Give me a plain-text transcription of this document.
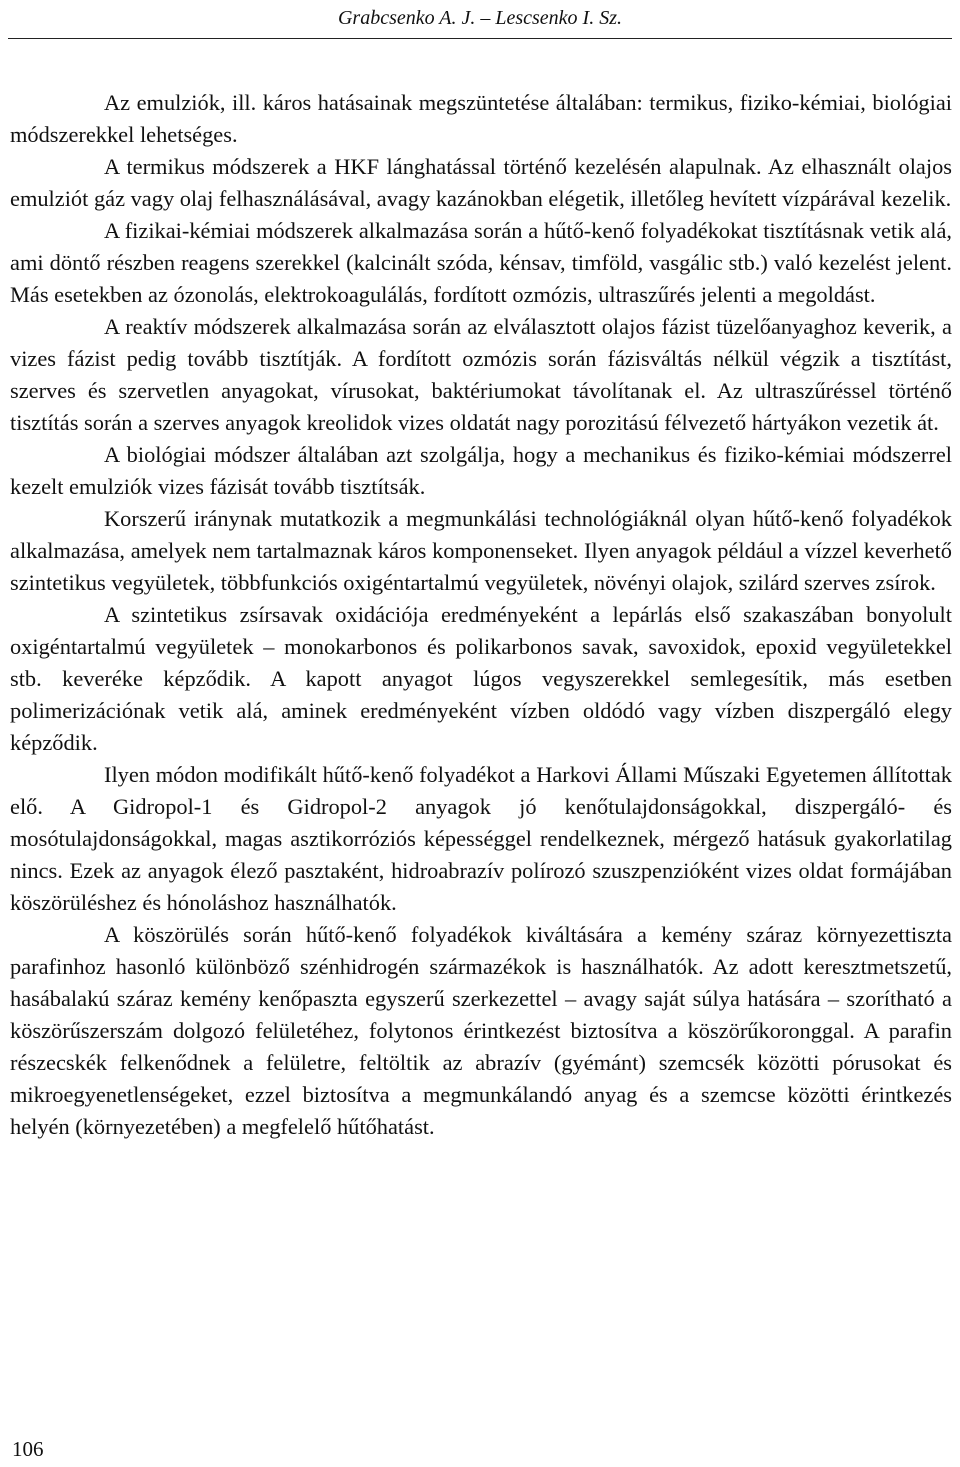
Grabcsenko A. J. – Lescsenko I. Sz.

Az emulziók, ill. káros hatásainak megszüntetése általában: termikus, fiziko-kémiai, biológiai módszerekkel lehetséges.

A termikus módszerek a HKF lánghatással történő kezelésén alapulnak. Az elhasznált olajos emulziót gáz vagy olaj felhasználásával, avagy kazánokban elégetik, illetőleg hevített vízpárával kezelik.

A fizikai-kémiai módszerek alkalmazása során a hűtő-kenő folyadékokat tisztításnak vetik alá, ami döntő részben reagens szerekkel (kalcinált szóda, kénsav, timföld, vasgálic stb.) való kezelést jelent. Más esetekben az ózonolás, elektrokoagulálás, fordított ozmózis, ultraszűrés jelenti a megoldást.

A reaktív módszerek alkalmazása során az elválasztott olajos fázist tüzelőanyaghoz keverik, a vizes fázist pedig tovább tisztítják. A fordított ozmózis során fázisváltás nélkül végzik a tisztítást, szerves és szervetlen anyagokat, vírusokat, baktériumokat távolítanak el. Az ultraszűréssel történő tisztítás során a szerves anyagok kreolidok vizes oldatát nagy porozitású félvezető hártyákon vezetik át.

A biológiai módszer általában azt szolgálja, hogy a mechanikus és fiziko-kémiai módszerrel kezelt emulziók vizes fázisát tovább tisztítsák.

Korszerű iránynak mutatkozik a megmunkálási technológiáknál olyan hűtő-kenő folyadékok alkalmazása, amelyek nem tartalmaznak káros komponenseket. Ilyen anyagok például a vízzel keverhető szintetikus vegyületek, többfunkciós oxigéntartalmú vegyületek, növényi olajok, szilárd szerves zsírok.

A szintetikus zsírsavak oxidációja eredményeként a lepárlás első szakaszában bonyolult oxigéntartalmú vegyületek – monokarbonos és polikarbonos savak, savoxidok, epoxid vegyületekkel stb. keveréke képződik. A kapott anyagot lúgos vegyszerekkel semlegesítik, más esetben polimerizációnak vetik alá, aminek eredményeként vízben oldódó vagy vízben diszpergáló elegy képződik.

Ilyen módon modifikált hűtő-kenő folyadékot a Harkovi Állami Műszaki Egyetemen állítottak elő. A Gidropol-1 és Gidropol-2 anyagok jó kenőtulajdonságokkal, diszpergáló- és mosótulajdonságokkal, magas asztikorróziós képességgel rendelkeznek, mérgező hatásuk gyakorlatilag nincs. Ezek az anyagok élező pasztaként, hidroabrazív polírozó szuszpenzióként vizes oldat formájában köszörüléshez és hónoláshoz használhatók.

A köszörülés során hűtő-kenő folyadékok kiváltására a kemény száraz környezettiszta parafinhoz hasonló különböző szénhidrogén származékok is használhatók. Az adott keresztmetszetű, hasábalakú száraz kemény kenőpaszta egyszerű szerkezettel – avagy saját súlya hatására – szorítható a köszörűszerszám dolgozó felületéhez, folytonos érintkezést biztosítva a köszörűkoronggal. A parafin részecskék felkenődnek a felületre, feltöltik az abrazív (gyémánt) szemcsék közötti pórusokat és mikroegyenetlenségeket, ezzel biztosítva a megmunkálandó anyag és a szemcse közötti érintkezés helyén (környezetében) a megfelelő hűtőhatást.

106
